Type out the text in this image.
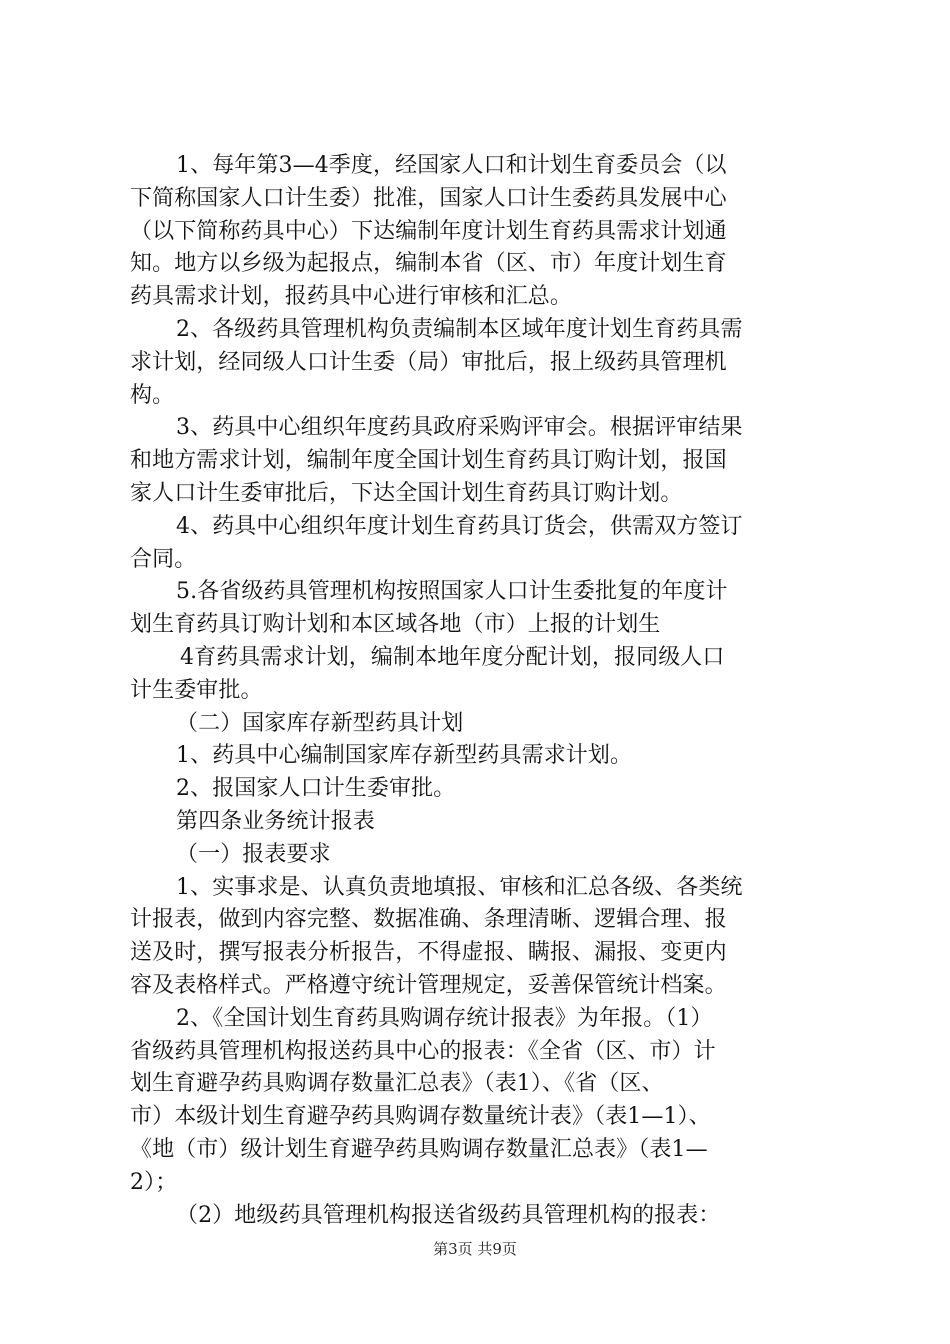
1、每年第3—4季度，经国家人口和计划生育委员会（以
下简称国家人口计生委）批准，国家人口计生委药具发展中心
（以下简称药具中心）下达编制年度计划生育药具需求计划通
知。地方以乡级为起报点，编制本省（区、市）年度计划生育
药具需求计划，报药具中心进行审核和汇总。
2、各级药具管理机构负责编制本区域年度计划生育药具需
求计划，经同级人口计生委（局）审批后，报上级药具管理机
构。
3、药具中心组织年度药具政府采购评审会。根据评审结果
和地方需求计划，编制年度全国计划生育药具订购计划，报国
家人口计生委审批后，下达全国计划生育药具订购计划。
4、药具中心组织年度计划生育药具订货会，供需双方签订
合同。
5.各省级药具管理机构按照国家人口计生委批复的年度计
划生育药具订购计划和本区域各地（市）上报的计划生
4育药具需求计划，编制本地年度分配计划，报同级人口
计生委审批。
（二）国家库存新型药具计划
1、药具中心编制国家库存新型药具需求计划。
2、报国家人口计生委审批。
第四条业务统计报表
（一）报表要求
1、实事求是、认真负责地填报、审核和汇总各级、各类统
计报表，做到内容完整、数据准确、条理清晰、逻辑合理、报
送及时，撰写报表分析报告，不得虚报、瞒报、漏报、变更内
容及表格样式。严格遵守统计管理规定，妥善保管统计档案。
2、《全国计划生育药具购调存统计报表》为年报。（1）
省级药具管理机构报送药具中心的报表：《全省（区、市）计
划生育避孕药具购调存数量汇总表》（表1）、《省（区、
市）本级计划生育避孕药具购调存数量统计表》（表1—1）、
《地（市）级计划生育避孕药具购调存数量汇总表》（表1—
2）；
（2）地级药具管理机构报送省级药具管理机构的报表：
第3页 共9页
